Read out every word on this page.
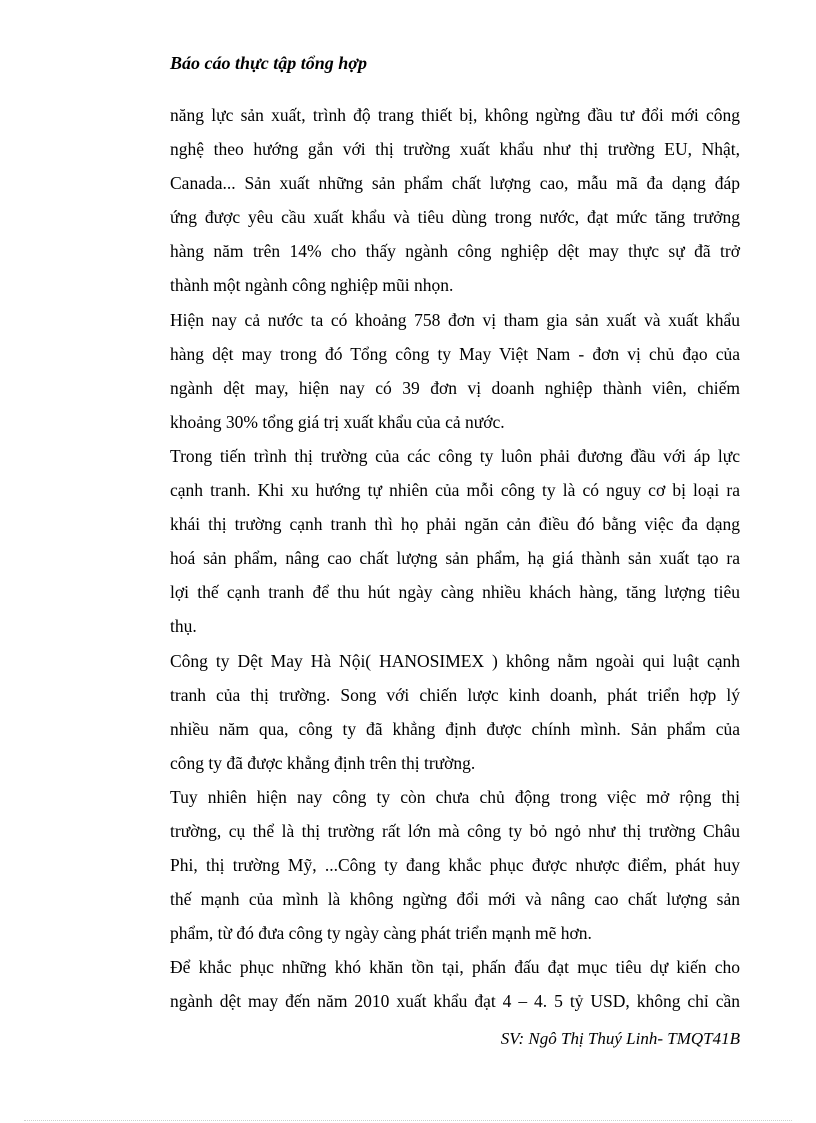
Báo cáo thực tập tổng hợp
năng lực sản xuất, trình độ trang thiết bị, không ngừng đầu tư đổi mới công
nghệ theo hướng gắn với thị trường xuất khẩu như thị trường EU, Nhật,
Canada... Sản xuất những sản phẩm chất lượng cao, mẫu mã đa dạng đáp
ứng được yêu cầu xuất khẩu và tiêu dùng trong nước, đạt mức tăng trưởng
hàng năm trên 14% cho thấy ngành công nghiệp dệt may thực sự đã trở
thành một ngành công nghiệp mũi nhọn.
Hiện nay cả nước ta có khoảng 758 đơn vị tham gia sản xuất và xuất khẩu
hàng dệt may trong đó Tổng công ty May Việt Nam - đơn vị chủ đạo của
ngành dệt may, hiện nay có 39 đơn vị doanh nghiệp thành viên, chiếm
khoảng 30% tổng giá trị xuất khẩu của cả nước.
Trong tiến trình thị trường của các công ty luôn phải đương đầu với áp lực
cạnh tranh. Khi xu hướng tự nhiên của mỗi công ty là có nguy cơ bị loại ra
khái thị trường cạnh tranh thì họ phải ngăn cản điều đó bằng việc đa dạng
hoá sản phẩm, nâng cao chất lượng sản phẩm, hạ giá thành sản xuất tạo ra
lợi thế cạnh tranh để thu hút ngày càng nhiều khách hàng, tăng lượng tiêu
thụ.
Công ty Dệt May Hà Nội( HANOSIMEX ) không nằm ngoài qui luật cạnh
tranh của thị trường. Song với chiến lược kinh doanh, phát triển hợp lý
nhiều năm qua, công ty đã khẳng định được chính mình. Sản phẩm của
công ty đã được khẳng định trên thị trường.
Tuy nhiên hiện nay công ty còn chưa chủ động trong việc mở rộng thị
trường, cụ thể là thị trường rất lớn mà công ty bỏ ngỏ như thị trường Châu
Phi, thị trường Mỹ, ...Công ty đang khắc phục được nhược điểm, phát huy
thế mạnh của mình là không ngừng đổi mới và nâng cao chất lượng sản
phẩm, từ đó đưa công ty ngày càng phát triển mạnh mẽ hơn.
Để khắc phục những khó khăn tồn tại, phấn đấu đạt mục tiêu dự kiến cho
ngành dệt may đến năm 2010 xuất khẩu đạt 4 – 4. 5 tỷ USD, không chỉ cần
SV: Ngô Thị Thuý Linh- TMQT41B
